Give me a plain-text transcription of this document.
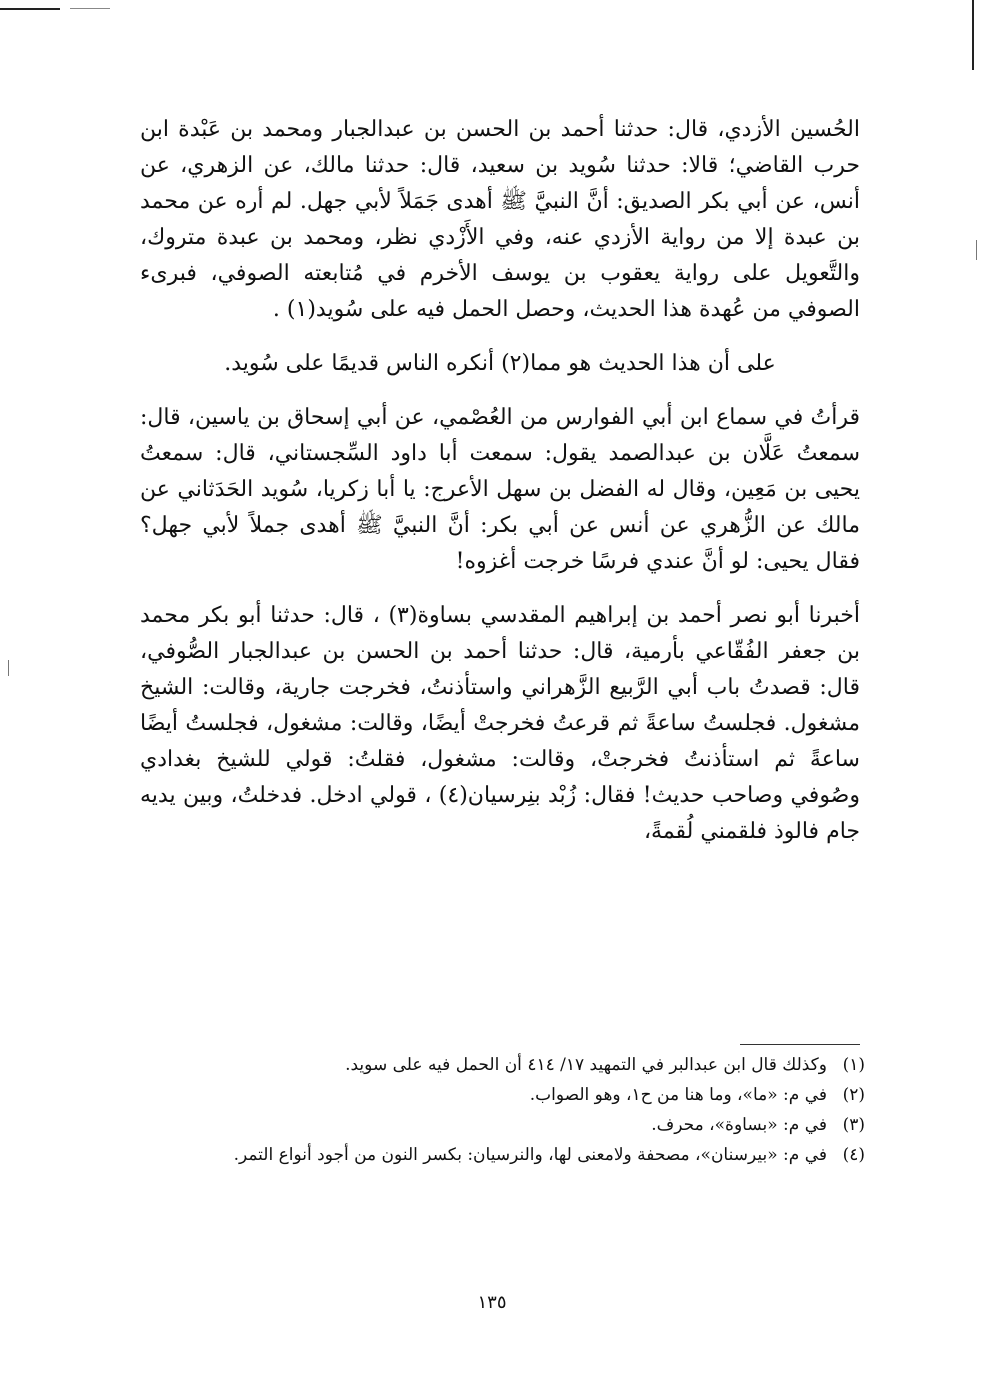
الحُسين الأزدي، قال: حدثنا أحمد بن الحسن بن عبدالجبار ومحمد بن عَبْدة ابن حرب القاضي؛ قالا: حدثنا سُويد بن سعيد، قال: حدثنا مالك، عن الزهري، عن أنس، عن أبي بكر الصديق: أنَّ النبيَّ ﷺ أهدى جَمَلاً لأبي جهل. لم أره عن محمد بن عبدة إلا من رواية الأزدي عنه، وفي الأَزْدي نظر، ومحمد بن عبدة متروك، والتَّعويل على رواية يعقوب بن يوسف الأخرم في مُتابعته الصوفي، فبرىء الصوفي من عُهدة هذا الحديث، وحصل الحمل فيه على سُويد(١) .

على أن هذا الحديث هو مما(٢) أنكره الناس قديمًا على سُويد.

قرأتُ في سماع ابن أبي الفوارس من العُصْمي، عن أبي إسحاق بن ياسين، قال: سمعتُ عَلَّان بن عبدالصمد يقول: سمعت أبا داود السِّجستاني، قال: سمعتُ يحيى بن مَعِين، وقال له الفضل بن سهل الأعرج: يا أبا زكريا، سُويد الحَدَثاني عن مالك عن الزُّهري عن أنس عن أبي بكر: أنَّ النبيَّ ﷺ أهدى جملاً لأبي جهل؟ فقال يحيى: لو أنَّ عندي فرسًا خرجت أغزوه!

أخبرنا أبو نصر أحمد بن إبراهيم المقدسي بساوة(٣) ، قال: حدثنا أبو بكر محمد بن جعفر الفُقّاعي بأرمية، قال: حدثنا أحمد بن الحسن بن عبدالجبار الصُّوفي، قال: قصدتُ باب أبي الرَّبيع الزَّهراني واستأذنتُ، فخرجت جارية، وقالت: الشيخ مشغول. فجلستُ ساعةً ثم قرعتُ فخرجتْ أيضًا، وقالت: مشغول، فجلستُ أيضًا ساعةً ثم استأذنتُ فخرجتْ، وقالت: مشغول، فقلتُ: قولي للشيخ بغدادي وصُوفي وصاحب حديث! فقال: زُبْد بنِرسيان(٤) ، قولي ادخل. فدخلتُ، وبين يديه جام فالوذ فلقمني لُقمةً،

(١)
وكذلك قال ابن عبدالبر في التمهيد ١٧/ ٤١٤ أن الحمل فيه على سويد.
(٢)
في م: «ما»، وما هنا من ح١، وهو الصواب.
(٣)
في م: «بساوة»، محرف.
(٤)
في م: «بيرسنان»، مصحفة ولامعنى لها، والنرسيان: بكسر النون من أجود أنواع التمر.
١٣٥
